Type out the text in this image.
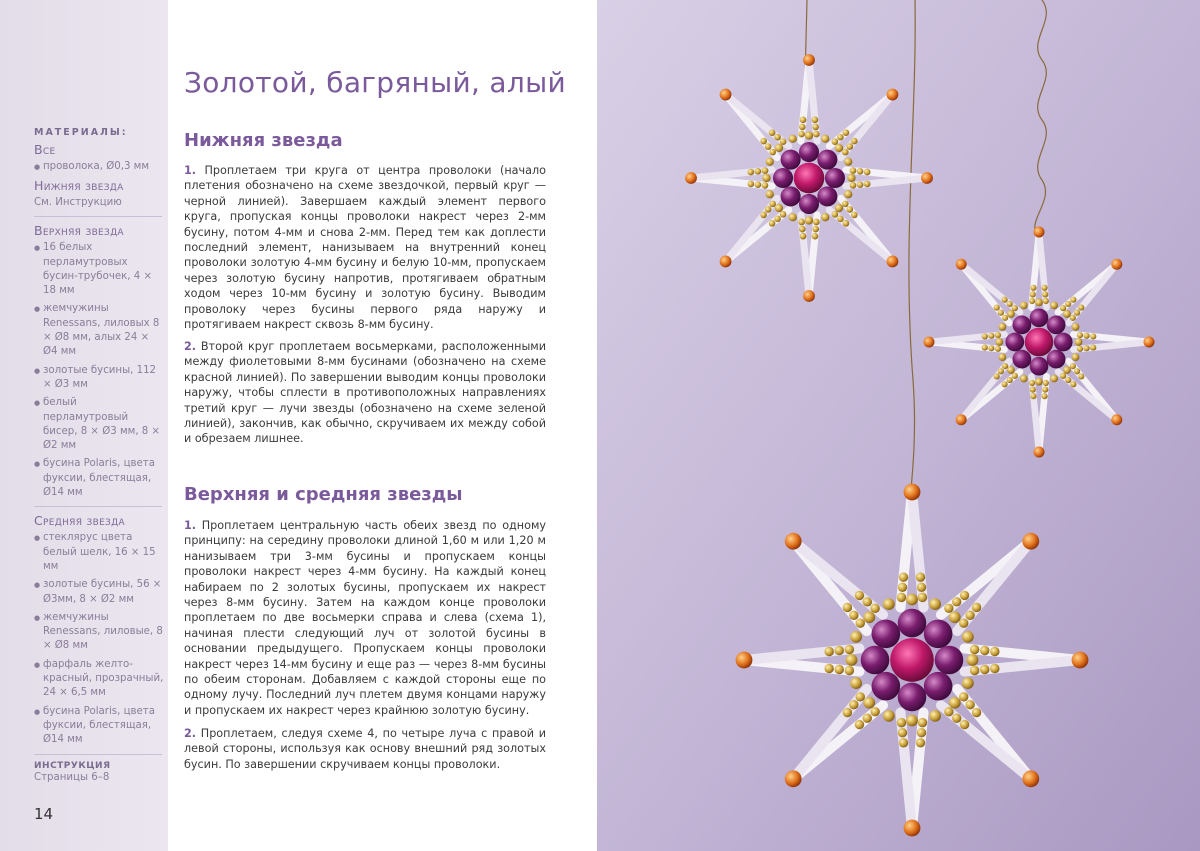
МАТЕРИАЛЫ:
Все
● проволока, Ø0,3 мм
Нижняя звезда
См. Инструкцию
Верхняя звезда
● 16 белых перламутровых бусин-трубочек, 4 × 18 мм
● жемчужины Renessans, лиловых 8 × Ø8 мм, алых 24 × Ø4 мм
● золотые бусины, 112 × Ø3 мм
● белый перламутровый бисер, 8 × Ø3 мм, 8 × Ø2 мм
● бусина Polaris, цвета фуксии, блестящая, Ø14 мм
Средняя звезда
● стеклярус цвета белый шелк, 16 × 15 мм
● золотые бусины, 56 × Ø3мм, 8 × Ø2 мм
● жемчужины Renessans, лиловые, 8 × Ø8 мм
● фарфаль желто-красный, прозрачный, 24 × 6,5 мм
● бусина Polaris, цвета фуксии, блестящая, Ø14 мм
ИНСТРУКЦИЯ
Страницы 6–8
14
Золотой, багряный, алый
Нижняя звезда

1. Проплетаем три круга от центра проволоки (начало плетения обозначено на схеме звездочкой, первый круг — черной линией). Завершаем каждый элемент первого круга, пропуская концы проволоки накрест через 2-мм бусину, потом 4-мм и снова 2-мм. Перед тем как доплести последний элемент, нанизываем на внутренний конец проволоки золотую 4-мм бусину и белую 10-мм, пропускаем через золотую бусину напротив, протягиваем обратным ходом через 10-мм бусину и золотую бусину. Выводим проволоку через бусины первого ряда наружу и протягиваем накрест сквозь 8-мм бусину.

2. Второй круг проплетаем восьмерками, расположенными между фиолетовыми 8-мм бусинами (обозначено на схеме красной линией). По завершении выводим концы проволоки наружу, чтобы сплести в противоположных направлениях третий круг — лучи звезды (обозначено на схеме зеленой линией), закончив, как обычно, скручиваем их между собой и обрезаем лишнее.

Верхняя и средняя звезды

1. Проплетаем центральную часть обеих звезд по одному принципу: на середину проволоки длиной 1,60 м или 1,20 м нанизываем три 3-мм бусины и пропускаем концы проволоки накрест через 4-мм бусину. На каждый конец набираем по 2 золотых бусины, пропускаем их накрест через 8-мм бусину. Затем на каждом конце проволоки проплетаем по две восьмерки справа и слева (схема 1), начиная плести следующий луч от золотой бусины в основании предыдущего. Пропускаем концы проволоки накрест через 14-мм бусину и еще раз — через 8-мм бусины по обеим сторонам. Добавляем с каждой стороны еще по одному лучу. Последний луч плетем двумя концами наружу и пропускаем их накрест через крайнюю золотую бусину.

2. Проплетаем, следуя схеме 4, по четыре луча с правой и левой стороны, используя как основу внешний ряд золотых бусин. По завершении скручиваем концы проволоки.
